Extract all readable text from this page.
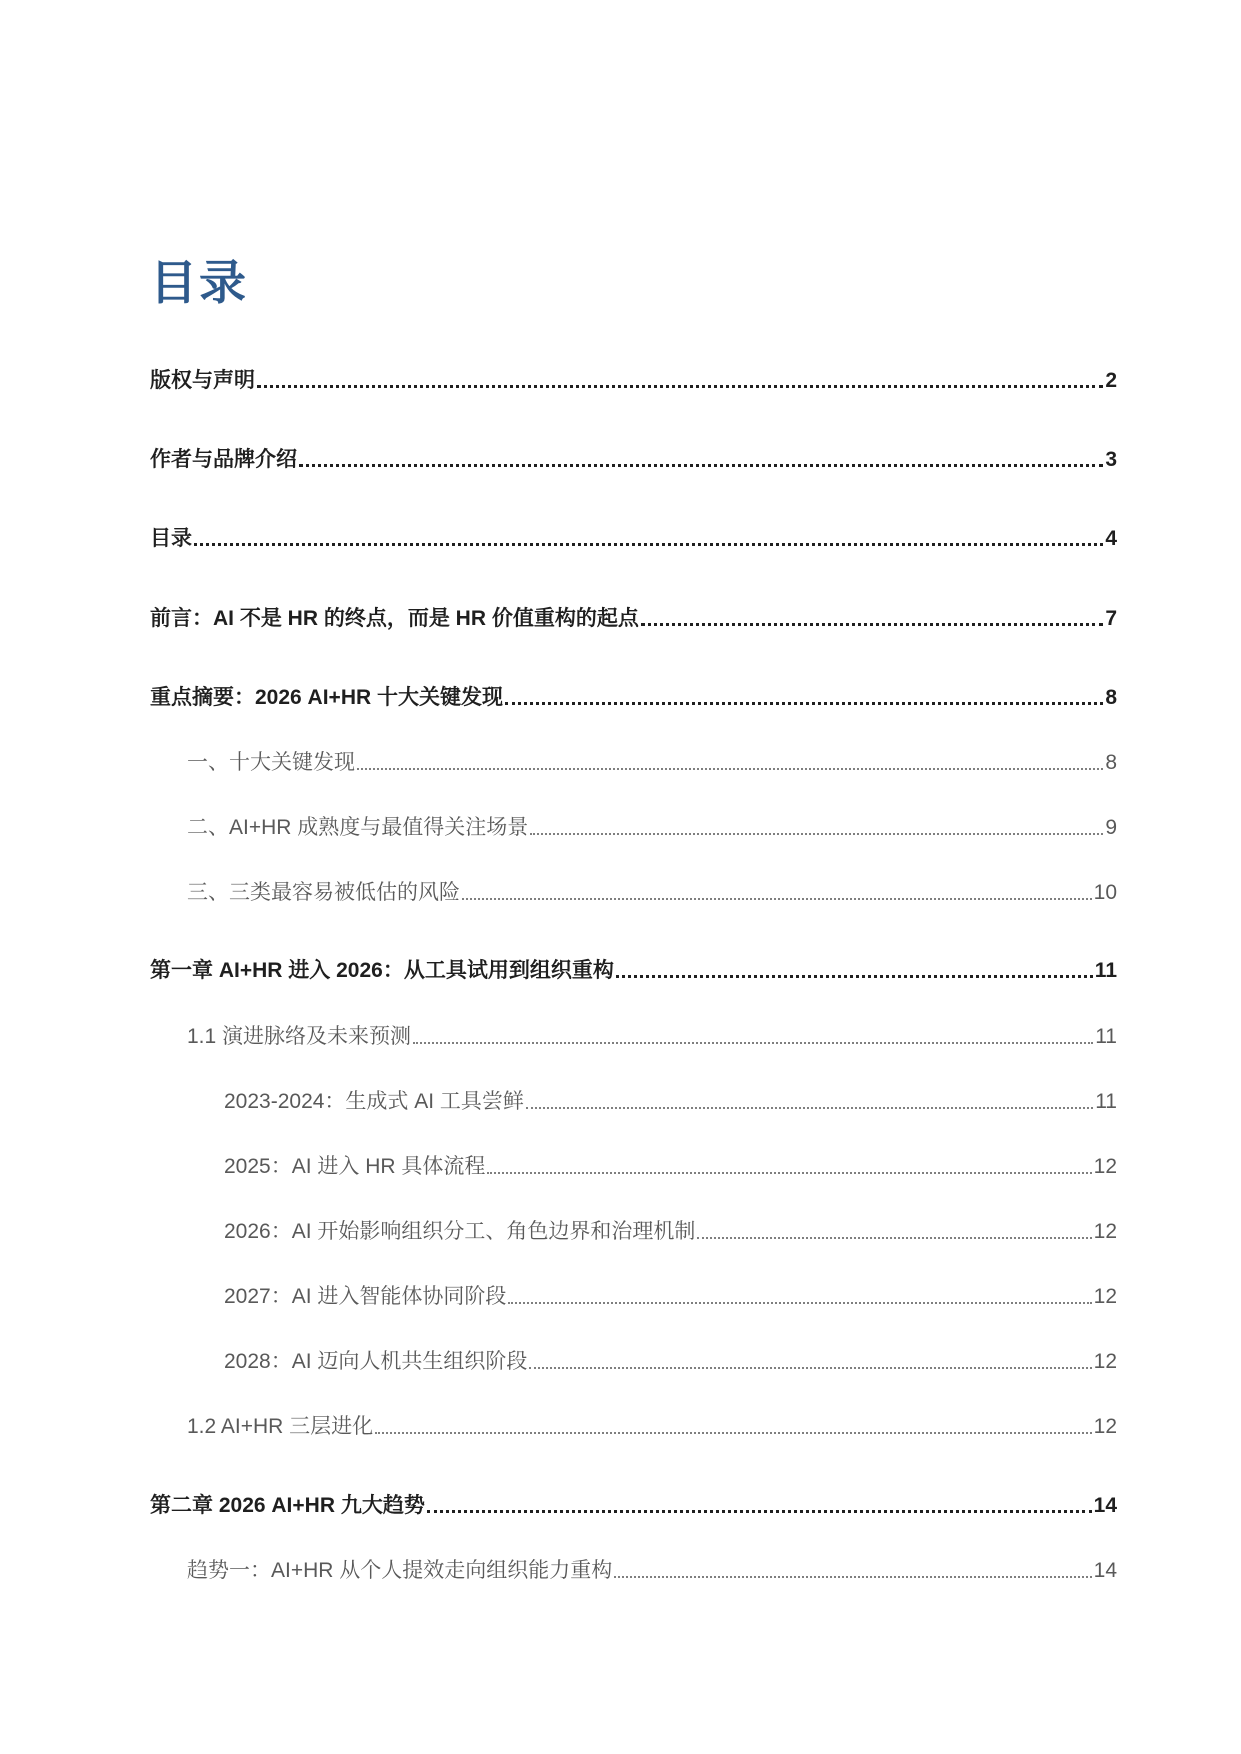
目录
版权与声明	2
作者与品牌介绍	3
目录	4
前言：AI 不是 HR 的终点，而是 HR 价值重构的起点	7
重点摘要：2026 AI+HR 十大关键发现	8
一、十大关键发现	8
二、AI+HR 成熟度与最值得关注场景	9
三、三类最容易被低估的风险	10
第一章 AI+HR 进入 2026：从工具试用到组织重构	11
1.1 演进脉络及未来预测	11
2023-2024：生成式 AI 工具尝鲜	11
2025：AI 进入 HR 具体流程	12
2026：AI 开始影响组织分工、角色边界和治理机制	12
2027：AI 进入智能体协同阶段	12
2028：AI 迈向人机共生组织阶段	12
1.2 AI+HR 三层进化	12
第二章 2026 AI+HR 九大趋势	14
趋势一：AI+HR 从个人提效走向组织能力重构	14
